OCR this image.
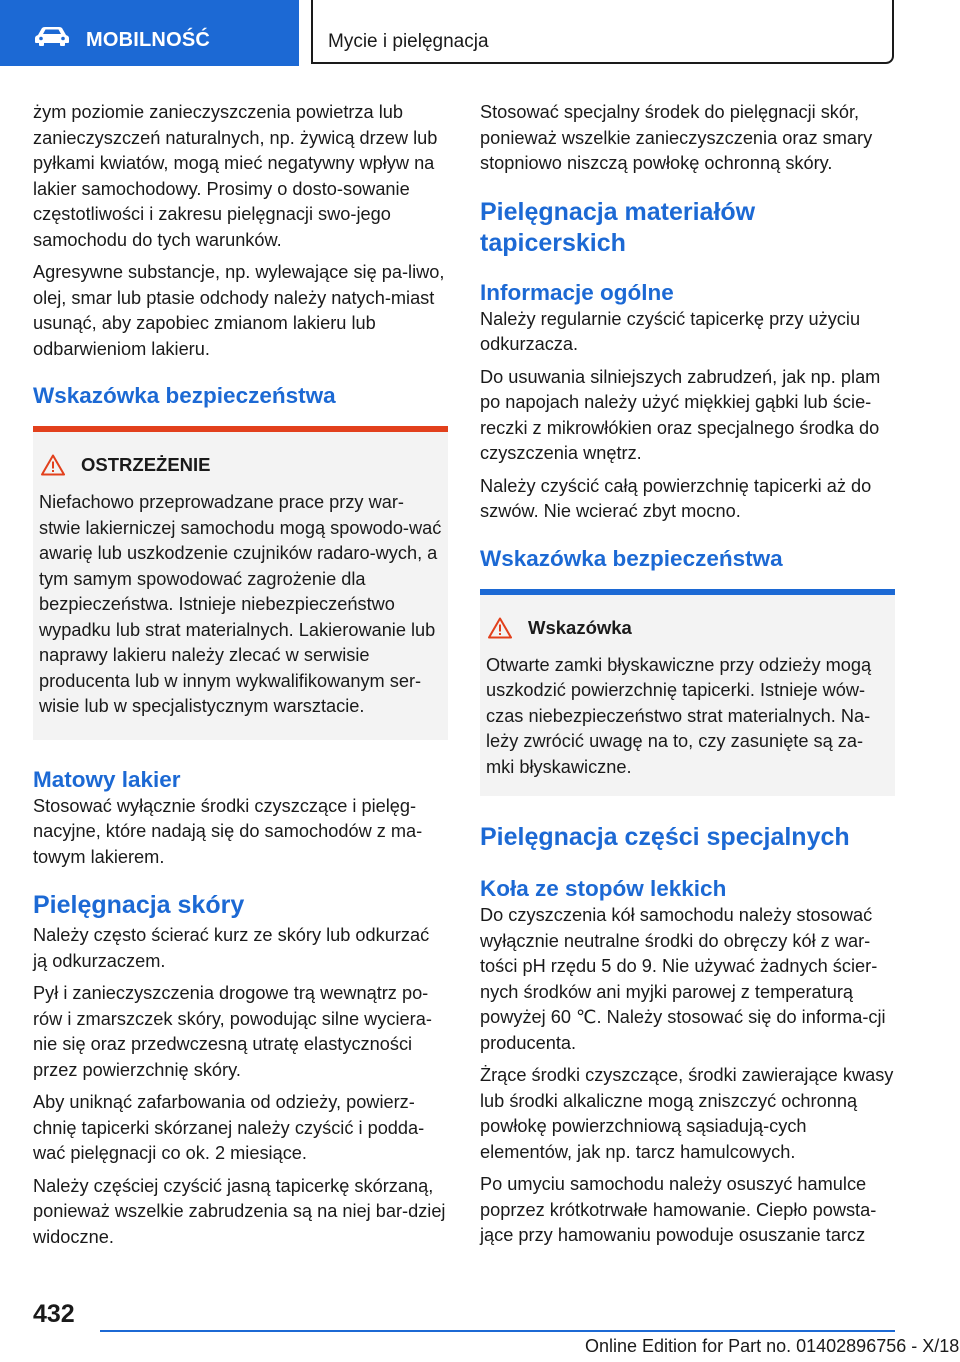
MOBILNOŚĆ	Mycie i pielęgnacja

żym poziomie zanieczyszczenia powietrza lub zanieczyszczeń naturalnych, np. żywicą drzew lub pyłkami kwiatów, mogą mieć negatywny wpływ na lakier samochodowy. Prosimy o dosto-sowanie częstotliwości i zakresu pielęgnacji swo-jego samochodu do tych warunków.

Agresywne substancje, np. wylewające się pa-liwo, olej, smar lub ptasie odchody należy natych-miast usunąć, aby zapobiec zmianom lakieru lub odbarwieniom lakieru.

Wskazówka bezpieczeństwa
OSTRZEŻENIE

Niefachowo przeprowadzane prace przy war-stwie lakierniczej samochodu mogą spowodo-wać awarię lub uszkodzenie czujników radaro-wych, a tym samym spowodować zagrożenie dla bezpieczeństwa. Istnieje niebezpieczeństwo wypadku lub strat materialnych. Lakierowanie lub naprawy lakieru należy zlecać w serwisie producenta lub w innym wykwalifikowanym ser-wisie lub w specjalistycznym warsztacie.

Matowy lakier

Stosować wyłącznie środki czyszczące i pielęg-nacyjne, które nadają się do samochodów z ma-towym lakierem.

Pielęgnacja skóry

Należy często ścierać kurz ze skóry lub odkurzać ją odkurzaczem.

Pył i zanieczyszczenia drogowe trą wewnątrz po-rów i zmarszczek skóry, powodując silne wyciera-nie się oraz przedwczesną utratę elastyczności przez powierzchnię skóry.

Aby uniknąć zafarbowania od odzieży, powierz-chnię tapicerki skórzanej należy czyścić i podda-wać pielęgnacji co ok. 2 miesiące.

Należy częściej czyścić jasną tapicerkę skórzaną, ponieważ wszelkie zabrudzenia są na niej bar-dziej widoczne.

Stosować specjalny środek do pielęgnacji skór, ponieważ wszelkie zanieczyszczenia oraz smary stopniowo niszczą powłokę ochronną skóry.

Pielęgnacja materiałów tapicerskich
Informacje ogólne

Należy regularnie czyścić tapicerkę przy użyciu odkurzacza.

Do usuwania silniejszych zabrudzeń, jak np. plam po napojach należy użyć miękkiej gąbki lub ście-reczki z mikrowłókien oraz specjalnego środka do czyszczenia wnętrz.

Należy czyścić całą powierzchnię tapicerki aż do szwów. Nie wcierać zbyt mocno.

Wskazówka bezpieczeństwa
Wskazówka

Otwarte zamki błyskawiczne przy odzieży mogą uszkodzić powierzchnię tapicerki. Istnieje wów-czas niebezpieczeństwo strat materialnych. Na-leży zwrócić uwagę na to, czy zasunięte są za-mki błyskawiczne.

Pielęgnacja części specjalnych
Koła ze stopów lekkich

Do czyszczenia kół samochodu należy stosować wyłącznie neutralne środki do obręczy kół z war-tości pH rzędu 5 do 9. Nie używać żadnych ścier-nych środków ani myjki parowej z temperaturą powyżej 60 ℃. Należy stosować się do informa-cji producenta.

Żrące środki czyszczące, środki zawierające kwasy lub środki alkaliczne mogą zniszczyć ochronną powłokę powierzchniową sąsiadują-cych elementów, jak np. tarcz hamulcowych.

Po umyciu samochodu należy osuszyć hamulce poprzez krótkotrwałe hamowanie. Ciepło powsta-jące przy hamowaniu powoduje osuszanie tarcz

432
Online Edition for Part no. 01402896756 - X/18
